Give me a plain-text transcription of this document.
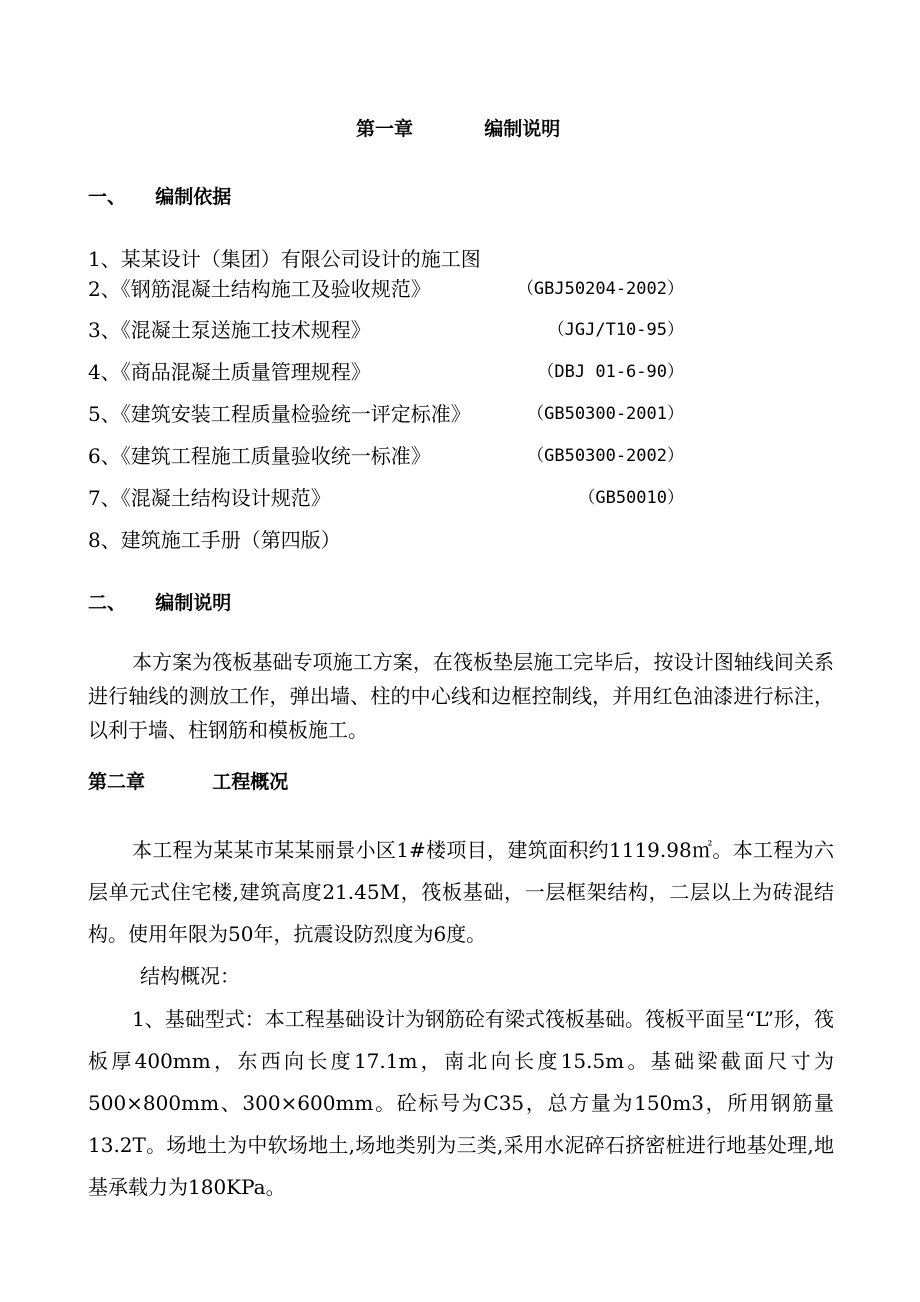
第一章	编制说明
一、 编制依据
1、某某设计（集团）有限公司设计的施工图
2、《钢筋混凝土结构施工及验收规范》	（GBJ50204-2002）
3、《混凝土泵送施工技术规程》	（JGJ/T10-95）
4、《商品混凝土质量管理规程》	（DBJ 01-6-90）
5、《建筑安装工程质量检验统一评定标准》	（GB50300-2001）
6、《建筑工程施工质量验收统一标准》	（GB50300-2002）
7、《混凝土结构设计规范》	（GB50010）
8、建筑施工手册（第四版）
二、 编制说明
本方案为筏板基础专项施工方案，在筏板垫层施工完毕后，按设计图轴线间关系进行轴线的测放工作，弹出墙、柱的中心线和边框控制线，并用红色油漆进行标注，以利于墙、柱钢筋和模板施工。
第二章	工程概况
本工程为某某市某某丽景小区1#楼项目，建筑面积约1119.98㎡。本工程为六层单元式住宅楼,建筑高度21.45M，筏板基础，一层框架结构，二层以上为砖混结构。使用年限为50年，抗震设防烈度为6度。
结构概况：
1、基础型式：本工程基础设计为钢筋砼有梁式筏板基础。筏板平面呈“L”形，筏板厚400mm，东西向长度17.1m，南北向长度15.5m。基础梁截面尺寸为500×800mm、300×600mm。砼标号为C35，总方量为150m3，所用钢筋量13.2T。场地土为中软场地土,场地类别为三类,采用水泥碎石挤密桩进行地基处理,地基承载力为180KPa。
